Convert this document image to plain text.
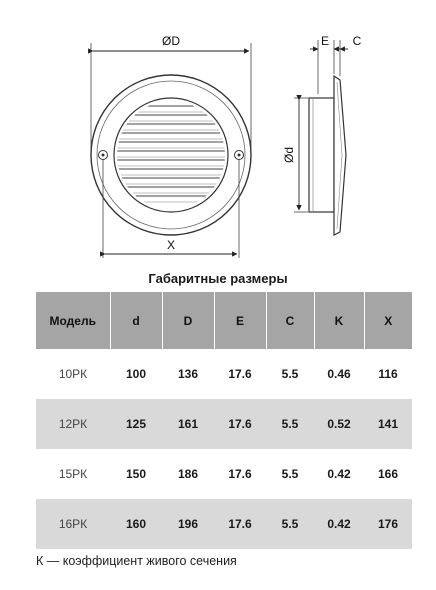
ØD
X
E C
Ød
Габаритные размеры
Модель	d	D	E	C	K	X
10РК	100	136	17.6	5.5	0.46	116
12РК	125	161	17.6	5.5	0.52	141
15РК	150	186	17.6	5.5	0.42	166
16РК	160	196	17.6	5.5	0.42	176
К — коэффициент живого сечения
